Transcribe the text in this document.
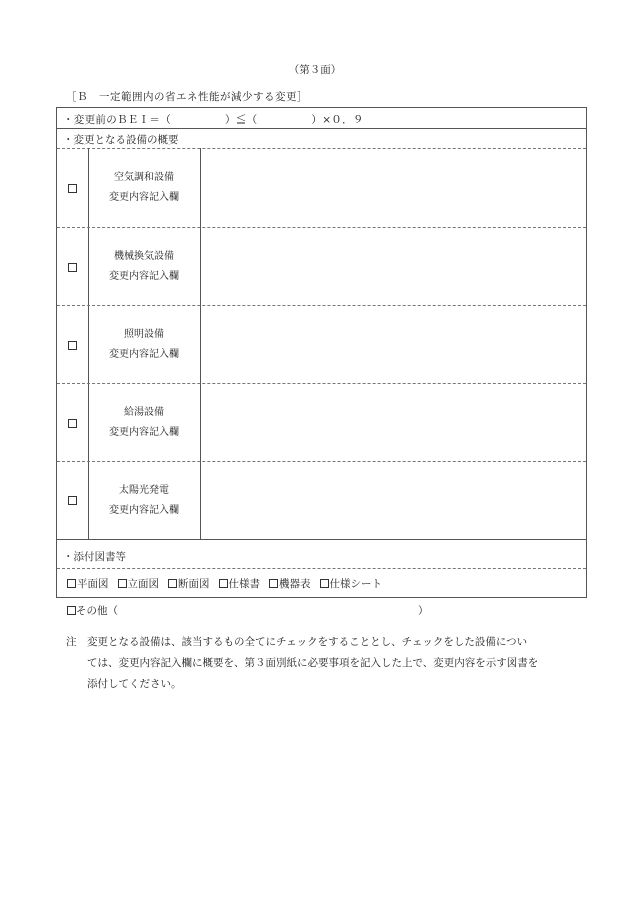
（第３面）
［Ｂ　一定範囲内の省エネ性能が減少する変更］
・変更前のＢＥＩ＝（　　　　　）≦（　　　　　）×０．９
・変更となる設備の概要
空気調和設備
変更内容記入欄
機械換気設備
変更内容記入欄
照明設備
変更内容記入欄
給湯設備
変更内容記入欄
太陽光発電
変更内容記入欄
・添付図書等
平面図 立面図 断面図 仕様書 機器表 仕様シート
その他（	）
注　変更となる設備は、該当するもの全てにチェックをすることとし、チェックをした設備につい
　　ては、変更内容記入欄に概要を、第３面別紙に必要事項を記入した上で、変更内容を示す図書を
　　添付してください。
